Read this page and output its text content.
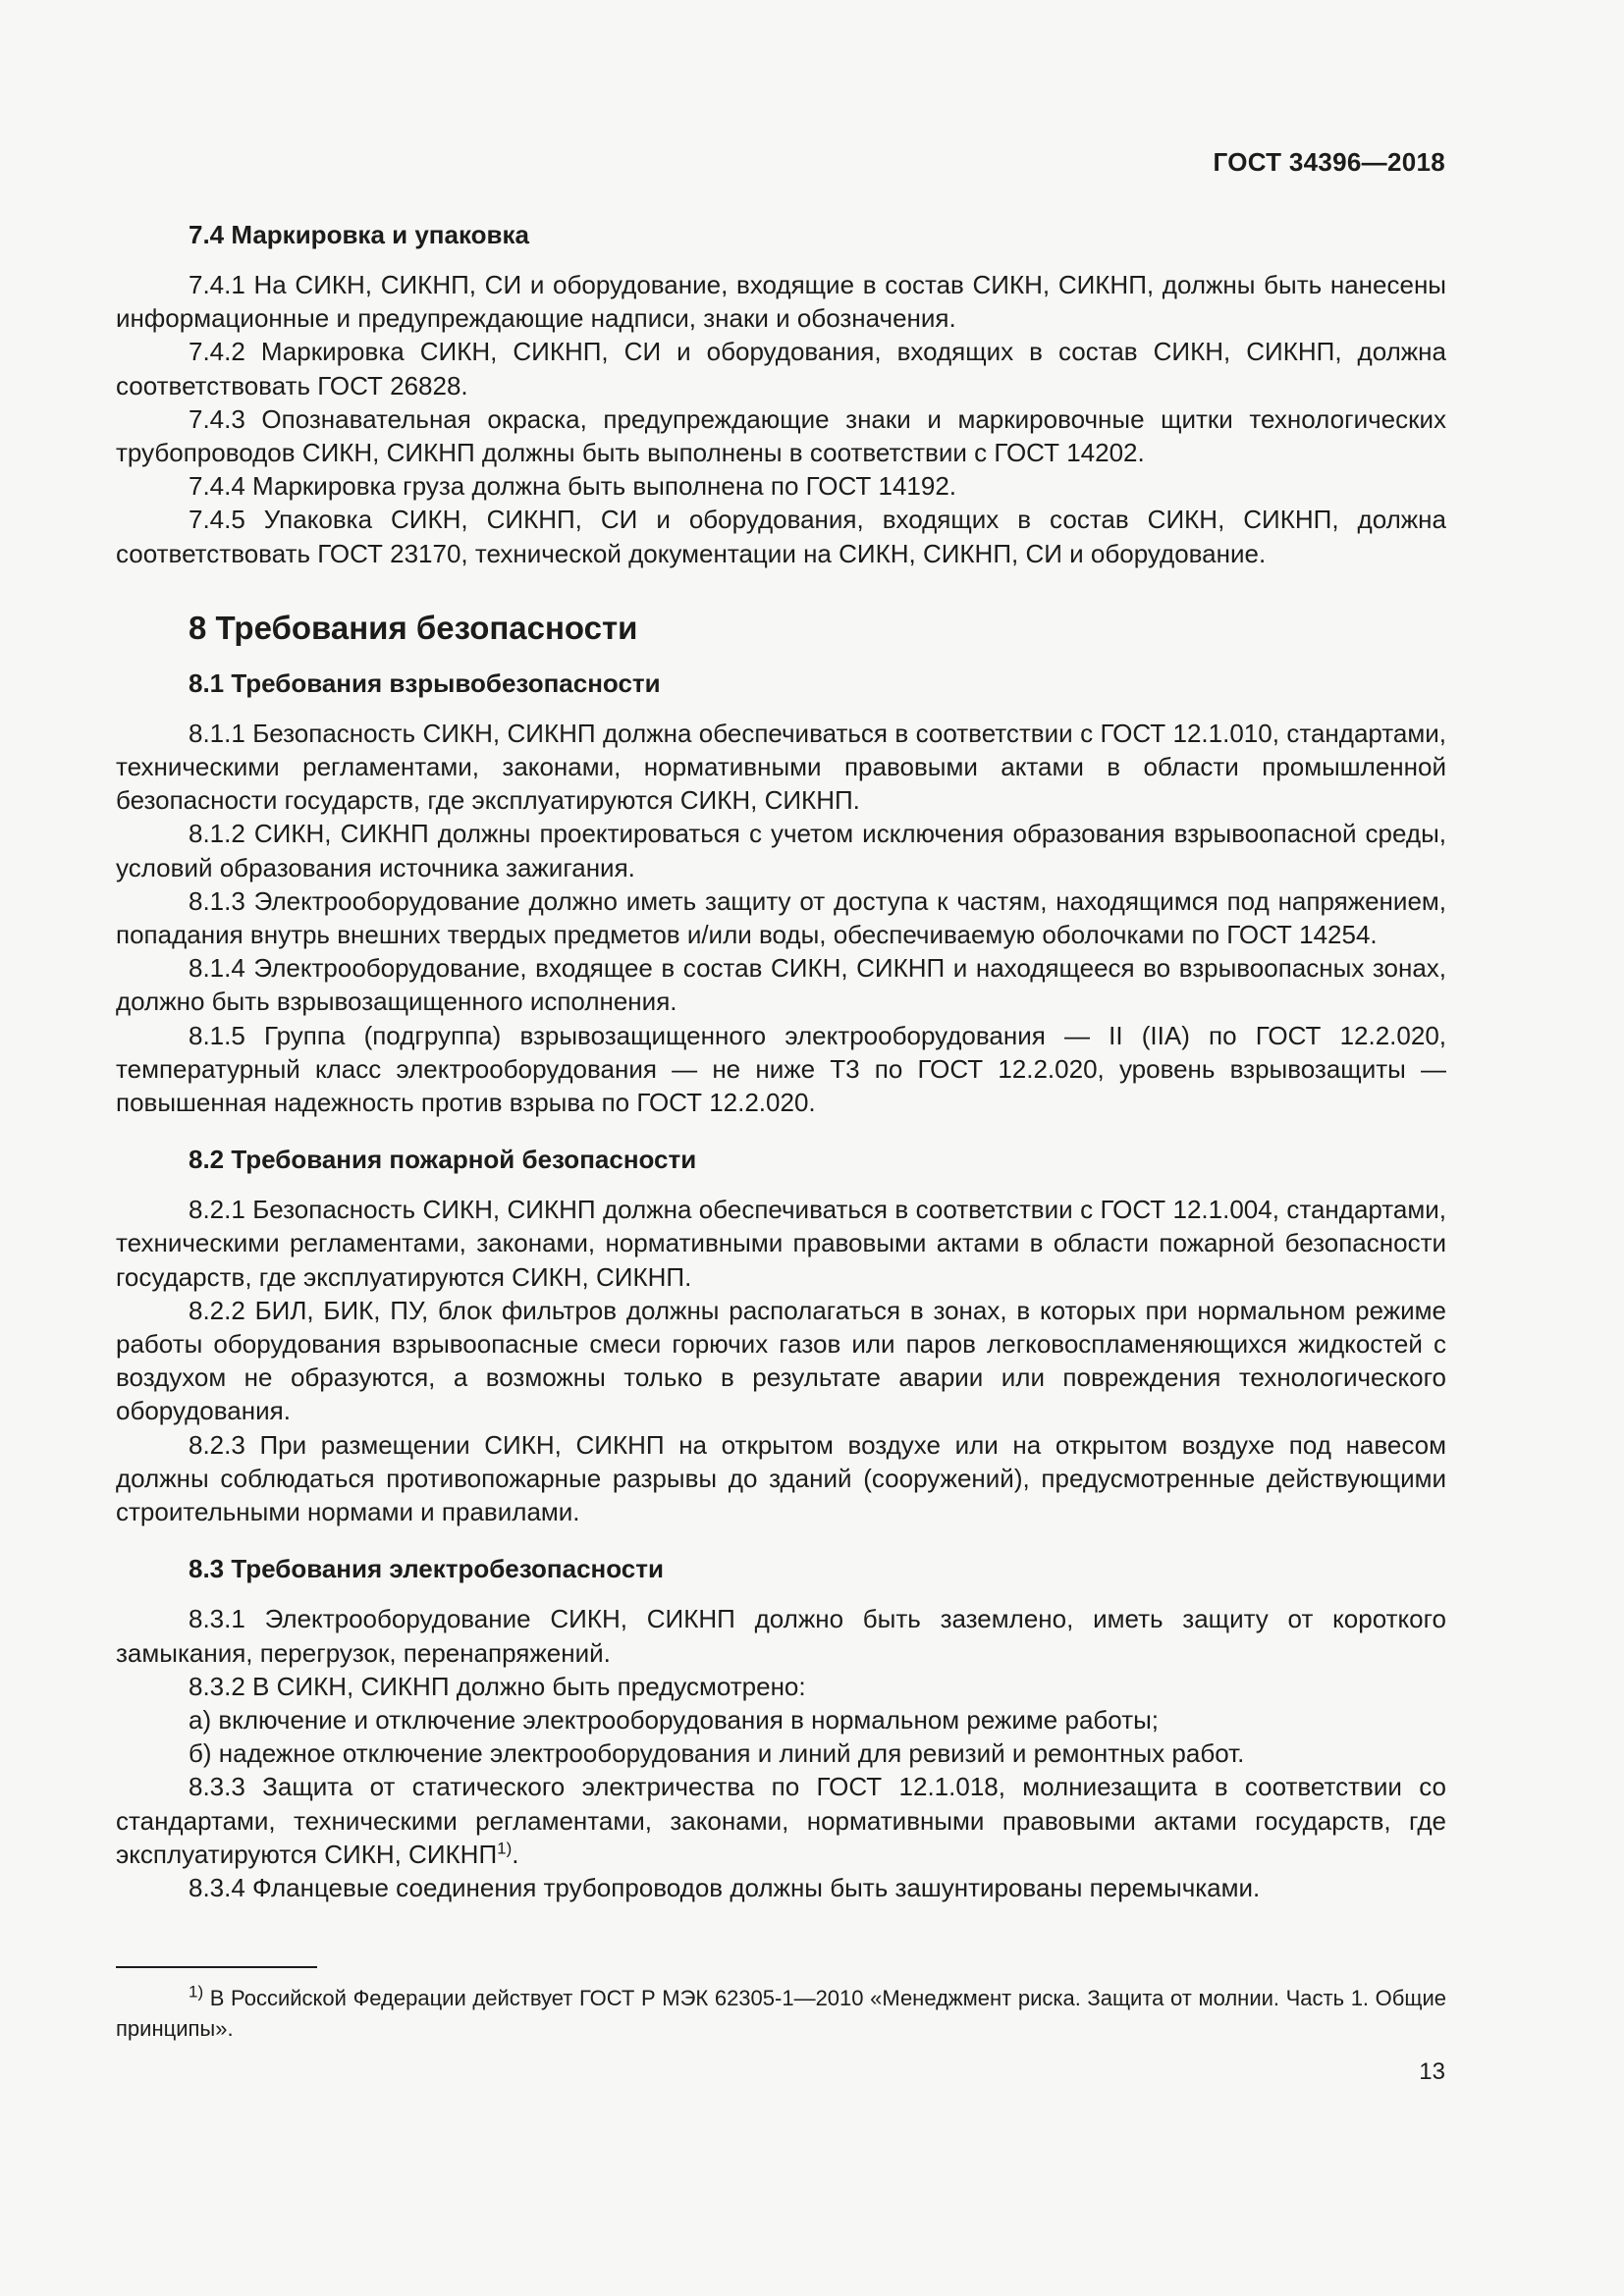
ГОСТ 34396—2018
7.4 Маркировка и упаковка

7.4.1 На СИКН, СИКНП, СИ и оборудование, входящие в состав СИКН, СИКНП, должны быть нанесены информационные и предупреждающие надписи, знаки и обозначения.

7.4.2 Маркировка СИКН, СИКНП, СИ и оборудования, входящих в состав СИКН, СИКНП, должна соответствовать ГОСТ 26828.

7.4.3 Опознавательная окраска, предупреждающие знаки и маркировочные щитки технологических трубопроводов СИКН, СИКНП должны быть выполнены в соответствии с ГОСТ 14202.

7.4.4 Маркировка груза должна быть выполнена по ГОСТ 14192.

7.4.5 Упаковка СИКН, СИКНП, СИ и оборудования, входящих в состав СИКН, СИКНП, должна соответствовать ГОСТ 23170, технической документации на СИКН, СИКНП, СИ и оборудование.

8 Требования безопасности
8.1 Требования взрывобезопасности

8.1.1 Безопасность СИКН, СИКНП должна обеспечиваться в соответствии с ГОСТ 12.1.010, стандартами, техническими регламентами, законами, нормативными правовыми актами в области промышленной безопасности государств, где эксплуатируются СИКН, СИКНП.

8.1.2 СИКН, СИКНП должны проектироваться с учетом исключения образования взрывоопасной среды, условий образования источника зажигания.

8.1.3 Электрооборудование должно иметь защиту от доступа к частям, находящимся под напряжением, попадания внутрь внешних твердых предметов и/или воды, обеспечиваемую оболочками по ГОСТ 14254.

8.1.4 Электрооборудование, входящее в состав СИКН, СИКНП и находящееся во взрывоопасных зонах, должно быть взрывозащищенного исполнения.

8.1.5 Группа (подгруппа) взрывозащищенного электрооборудования — II (IIA) по ГОСТ 12.2.020, температурный класс электрооборудования — не ниже Т3 по ГОСТ 12.2.020, уровень взрывозащиты — повышенная надежность против взрыва по ГОСТ 12.2.020.

8.2 Требования пожарной безопасности

8.2.1 Безопасность СИКН, СИКНП должна обеспечиваться в соответствии с ГОСТ 12.1.004, стандартами, техническими регламентами, законами, нормативными правовыми актами в области пожарной безопасности государств, где эксплуатируются СИКН, СИКНП.

8.2.2 БИЛ, БИК, ПУ, блок фильтров должны располагаться в зонах, в которых при нормальном режиме работы оборудования взрывоопасные смеси горючих газов или паров легковоспламеняющихся жидкостей с воздухом не образуются, а возможны только в результате аварии или повреждения технологического оборудования.

8.2.3 При размещении СИКН, СИКНП на открытом воздухе или на открытом воздухе под навесом должны соблюдаться противопожарные разрывы до зданий (сооружений), предусмотренные действующими строительными нормами и правилами.

8.3 Требования электробезопасности

8.3.1 Электрооборудование СИКН, СИКНП должно быть заземлено, иметь защиту от короткого замыкания, перегрузок, перенапряжений.

8.3.2 В СИКН, СИКНП должно быть предусмотрено:

а) включение и отключение электрооборудования в нормальном режиме работы;

б) надежное отключение электрооборудования и линий для ревизий и ремонтных работ.

8.3.3 Защита от статического электричества по ГОСТ 12.1.018, молниезащита в соответствии со стандартами, техническими регламентами, законами, нормативными правовыми актами государств, где эксплуатируются СИКН, СИКНП$^{1)}$.

8.3.4 Фланцевые соединения трубопроводов должны быть зашунтированы перемычками.

$^{1)}$ В Российской Федерации действует ГОСТ Р МЭК 62305-1—2010 «Менеджмент риска. Защита от молнии. Часть 1. Общие принципы».
13
